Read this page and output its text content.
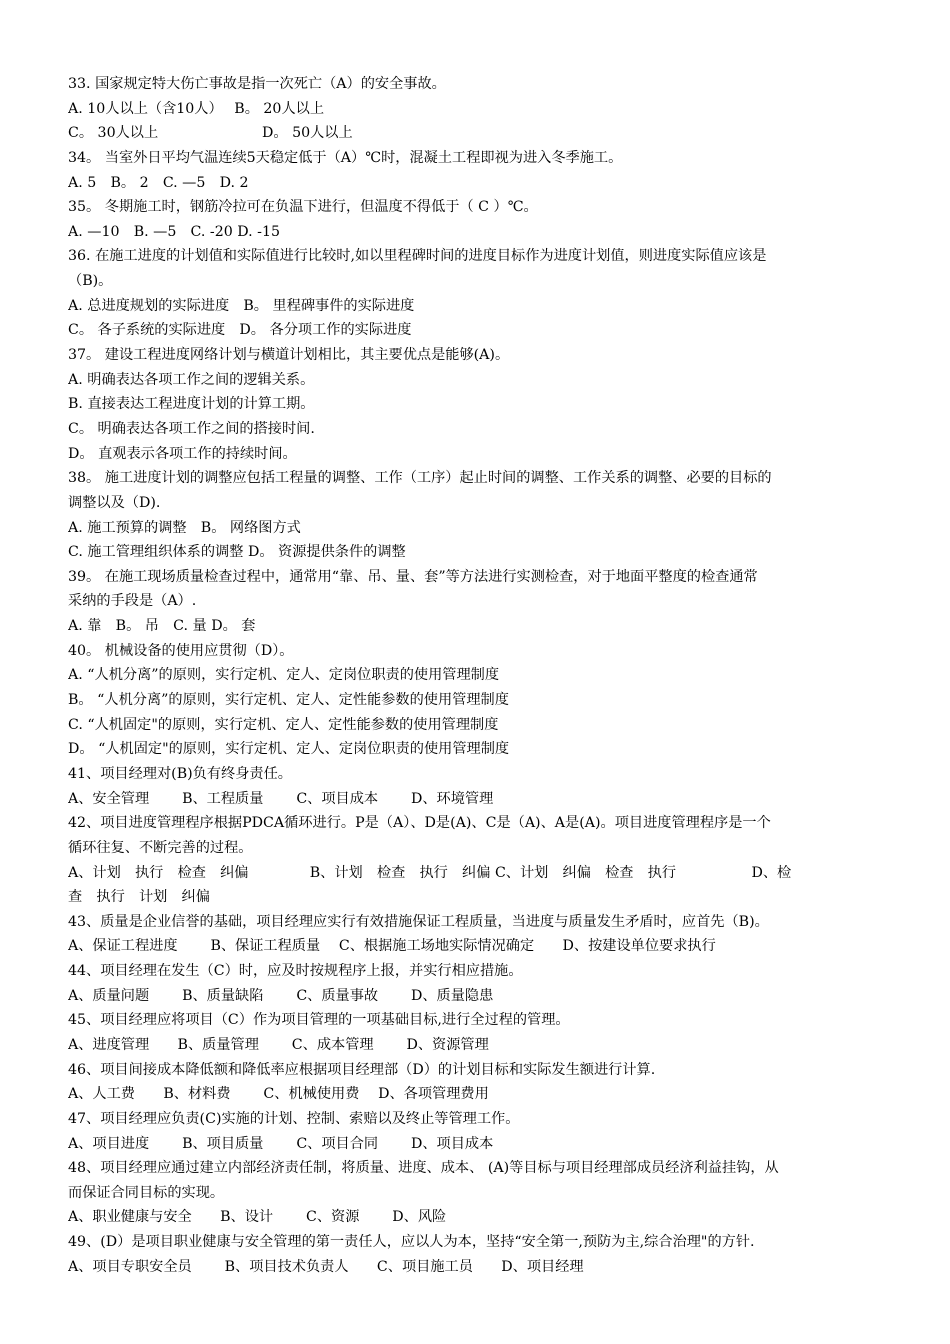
33. 国家规定特大伤亡事故是指一次死亡（A）的安全事故。
A. 10人以上（含10人）　 B。 20人以上
C。 30人以上　　　　　　　 D。 50人以上
34。 当室外日平均气温连续5天稳定低于（A）℃时，混凝土工程即视为进入冬季施工。
A. 5　B。 2　C. —5　D. 2
35。 冬期施工时，钢筋冷拉可在负温下进行，但温度不得低于（ C ）℃。
A. —10　B. —5　C. -20 D. -15
36. 在施工进度的计划值和实际值进行比较时,如以里程碑时间的进度目标作为进度计划值，则进度实际值应该是
（B)。
A. 总进度规划的实际进度　B。 里程碑事件的实际进度
C。 各子系统的实际进度　D。 各分项工作的实际进度
37。 建设工程进度网络计划与横道计划相比，其主要优点是能够(A)。
A. 明确表达各项工作之间的逻辑关系。
B. 直接表达工程进度计划的计算工期。
C。 明确表达各项工作之间的搭接时间.
D。 直观表示各项工作的持续时间。
38。 施工进度计划的调整应包括工程量的调整、工作（工序）起止时间的调整、工作关系的调整、必要的目标的
调整以及（D).
A. 施工预算的调整　B。 网络图方式
C. 施工管理组织体系的调整 D。 资源提供条件的调整
39。 在施工现场质量检查过程中，通常用“靠、吊、量、套”等方法进行实测检查，对于地面平整度的检查通常
采纳的手段是（A）.
A. 靠　B。 吊　C. 量 D。 套
40。 机械设备的使用应贯彻（D）。
A. “人机分离”的原则，实行定机、定人、定岗位职责的使用管理制度
B。 “人机分离”的原则，实行定机、定人、定性能参数的使用管理制度
C. “人机固定"的原则，实行定机、定人、定性能参数的使用管理制度
D。 “人机固定"的原则，实行定机、定人、定岗位职责的使用管理制度
41、项目经理对(B)负有终身责任。
A、安全管理　　 B、工程质量　　 C、项目成本　　 D、环境管理
42、项目进度管理程序根据PDCA循环进行。P是（A）、D是(A)、C是（A)、A是(A)。项目进度管理程序是一个
循环往复、不断完善的过程。
A、计划　执行　检查　纠偏　　　　 B、计划　检查　执行　纠偏 C、计划　纠偏　检查　执行　　　　　 D、检
查　执行　计划　纠偏
43、质量是企业信誉的基础，项目经理应实行有效措施保证工程质量，当进度与质量发生矛盾时，应首先（B)。
A、保证工程进度　　 B、保证工程质量　 C、根据施工场地实际情况确定　　D、按建设单位要求执行
44、项目经理在发生（C）时，应及时按规程序上报，并实行相应措施。
A、质量问题　　 B、质量缺陷　　 C、质量事故　　 D、质量隐患
45、项目经理应将项目（C）作为项目管理的一项基础目标,进行全过程的管理。
A、进度管理　　B、质量管理　　 C、成本管理　　 D、资源管理
46、项目间接成本降低额和降低率应根据项目经理部（D）的计划目标和实际发生额进行计算.
A、人工费　　B、材料费　　 C、机械使用费　 D、各项管理费用
47、项目经理应负责(C)实施的计划、控制、索赔以及终止等管理工作。
A、项目进度　　 B、项目质量　　 C、项目合同　　 D、项目成本
48、项目经理应通过建立内部经济责任制，将质量、进度、成本、 (A)等目标与项目经理部成员经济利益挂钩，从
而保证合同目标的实现。
A、职业健康与安全　　B、设计　　 C、资源　　 D、风险
49、(D）是项目职业健康与安全管理的第一责任人，应以人为本，坚持“安全第一,预防为主,综合治理"的方针.
A、项目专职安全员　　 B、项目技术负责人　　C、项目施工员　　D、项目经理
